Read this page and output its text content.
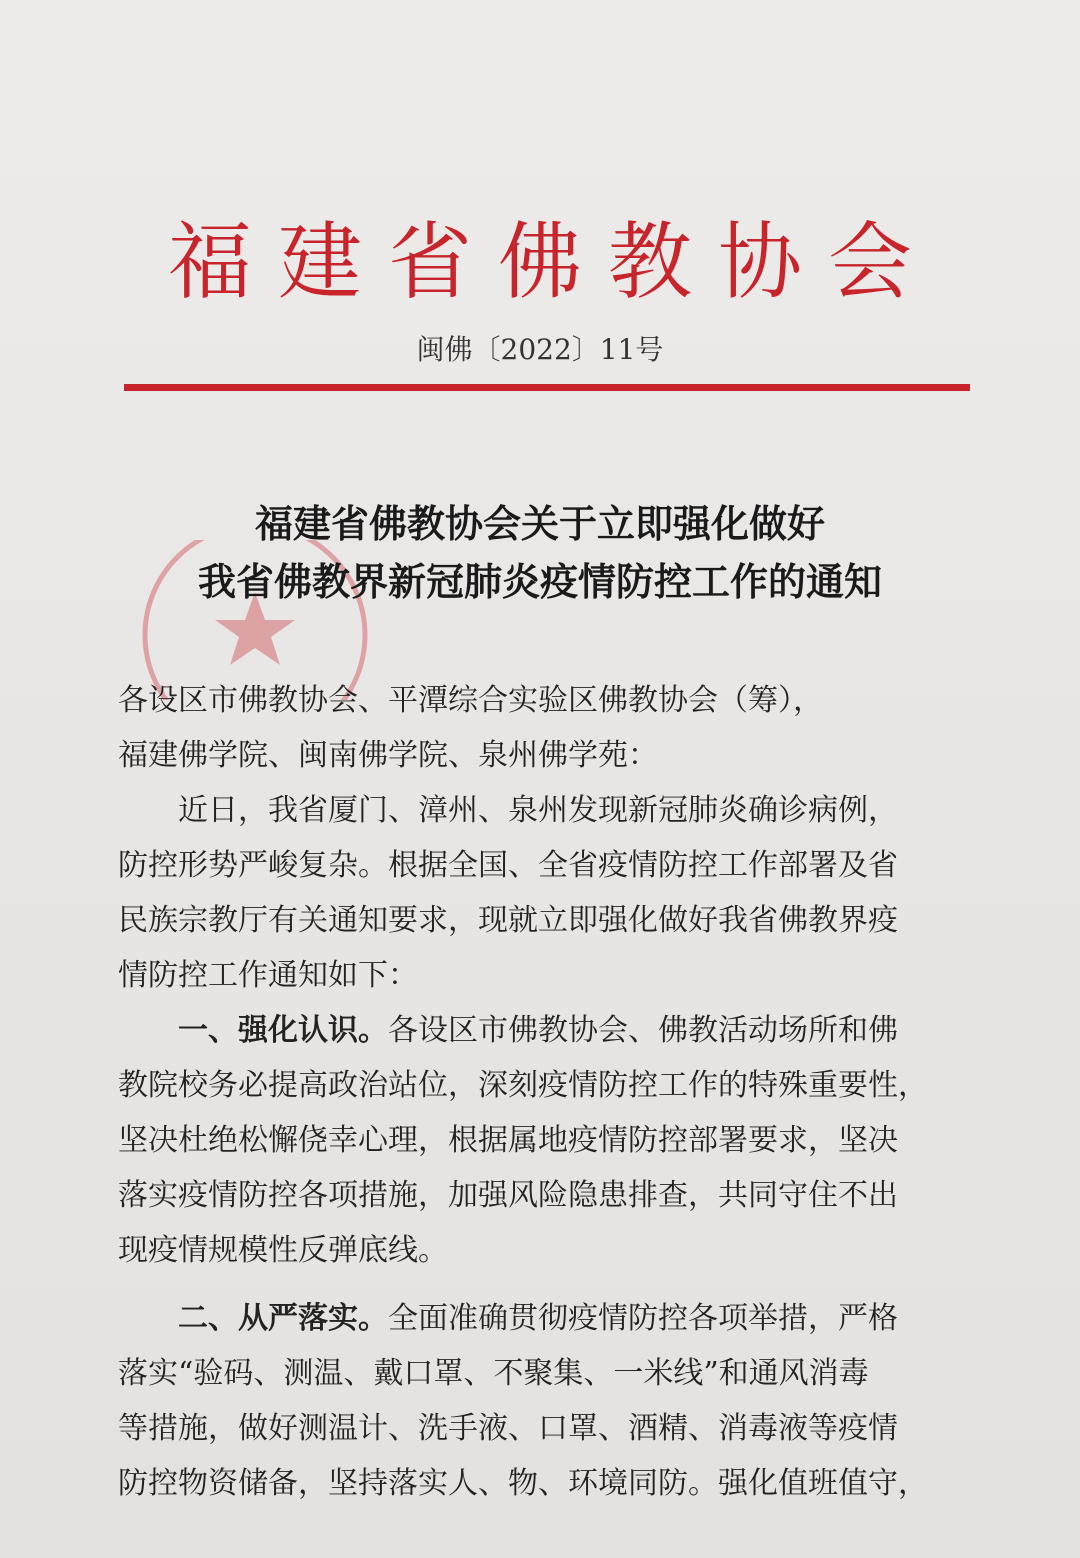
福建省佛教协会
闽佛〔2022〕11号
福建省佛教协会关于立即强化做好
我省佛教界新冠肺炎疫情防控工作的通知
各设区市佛教协会、平潭综合实验区佛教协会（筹），
福建佛学院、闽南佛学院、泉州佛学苑：
近日，我省厦门、漳州、泉州发现新冠肺炎确诊病例，
防控形势严峻复杂。根据全国、全省疫情防控工作部署及省
民族宗教厅有关通知要求，现就立即强化做好我省佛教界疫
情防控工作通知如下：
一、强化认识。各设区市佛教协会、佛教活动场所和佛
教院校务必提高政治站位，深刻疫情防控工作的特殊重要性，
坚决杜绝松懈侥幸心理，根据属地疫情防控部署要求，坚决
落实疫情防控各项措施，加强风险隐患排查，共同守住不出
现疫情规模性反弹底线。
二、从严落实。全面准确贯彻疫情防控各项举措，严格
落实“验码、测温、戴口罩、不聚集、一米线”和通风消毒
等措施，做好测温计、洗手液、口罩、酒精、消毒液等疫情
防控物资储备，坚持落实人、物、环境同防。强化值班值守，
